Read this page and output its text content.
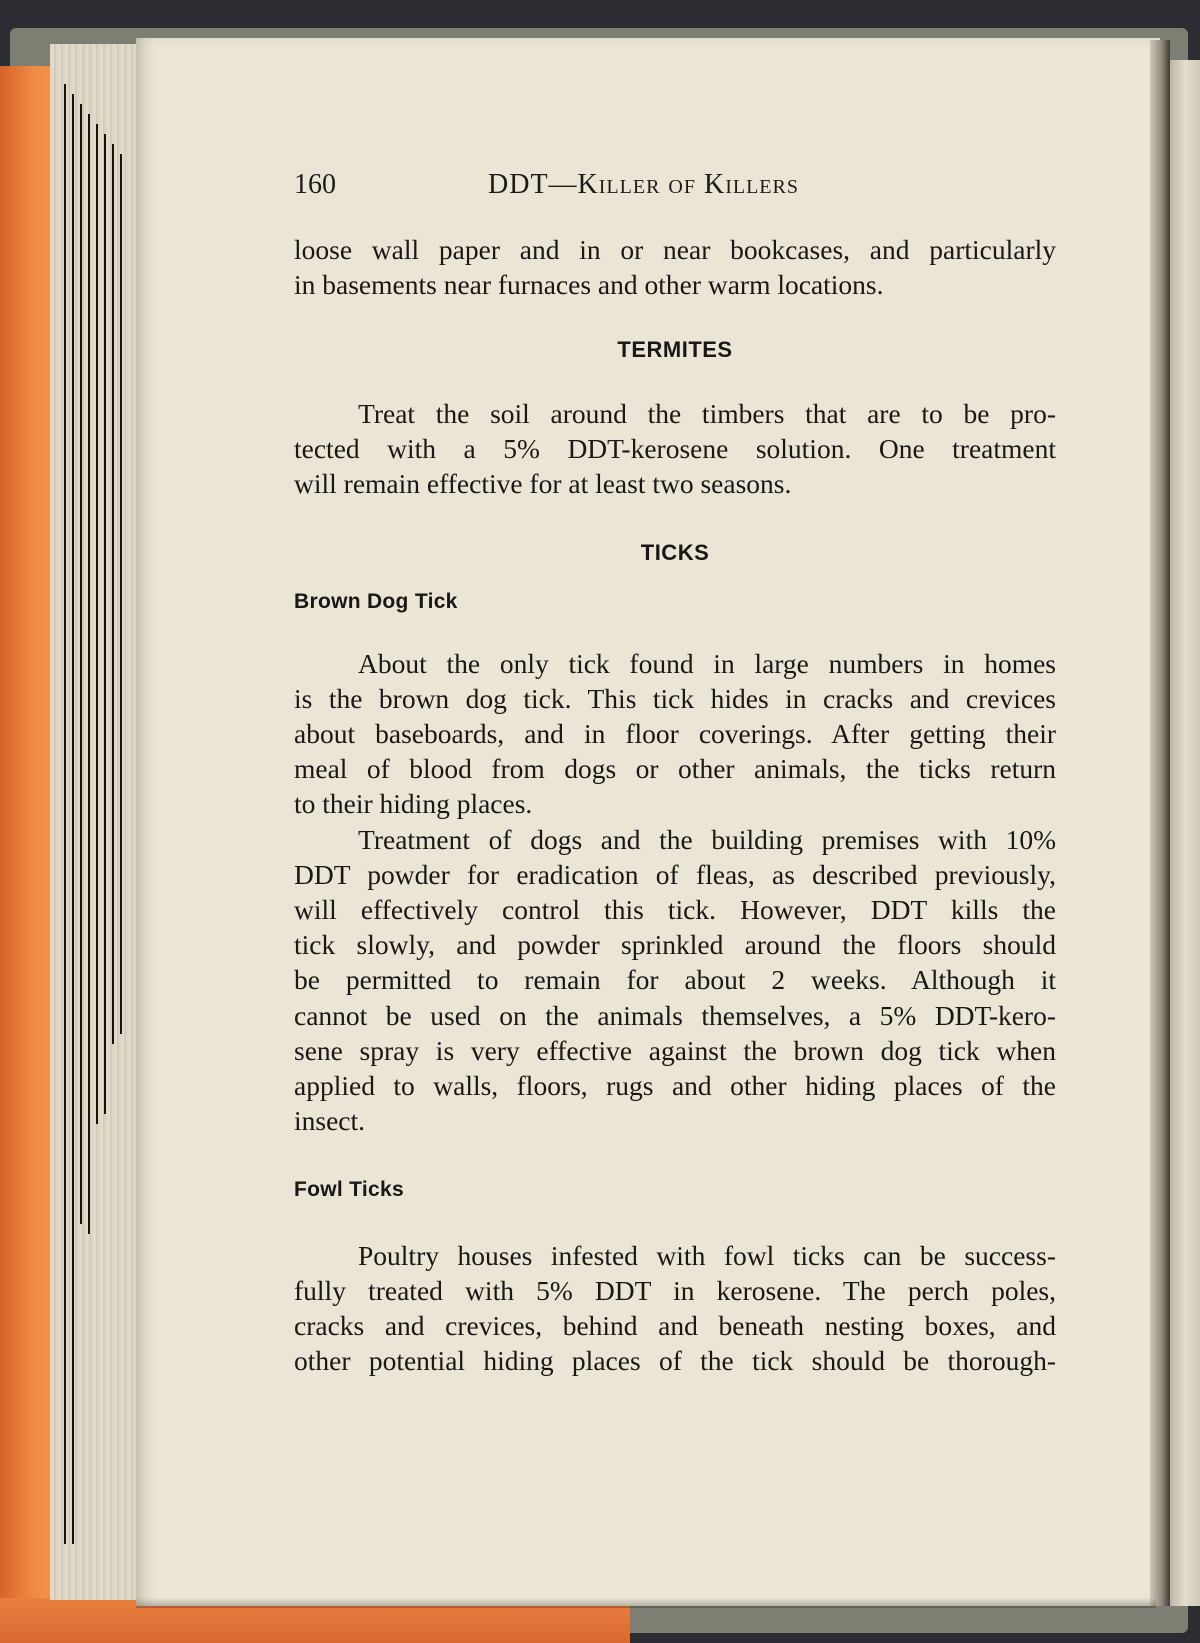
160	DDT—Killer of Killers

loose wall paper and in or near bookcases, and particularly
in basements near furnaces and other warm locations.

TERMITES

Treat the soil around the timbers that are to be pro-
tected with a 5% DDT-kerosene solution. One treatment
will remain effective for at least two seasons.

TICKS

Brown Dog Tick

About the only tick found in large numbers in homes
is the brown dog tick. This tick hides in cracks and crevices
about baseboards, and in floor coverings. After getting their
meal of blood from dogs or other animals, the ticks return
to their hiding places.

Treatment of dogs and the building premises with 10%
DDT powder for eradication of fleas, as described previously,
will effectively control this tick. However, DDT kills the
tick slowly, and powder sprinkled around the floors should
be permitted to remain for about 2 weeks. Although it
cannot be used on the animals themselves, a 5% DDT-kero-
sene spray is very effective against the brown dog tick when
applied to walls, floors, rugs and other hiding places of the
insect.

Fowl Ticks

Poultry houses infested with fowl ticks can be success-
fully treated with 5% DDT in kerosene. The perch poles,
cracks and crevices, behind and beneath nesting boxes, and
other potential hiding places of the tick should be thorough-
